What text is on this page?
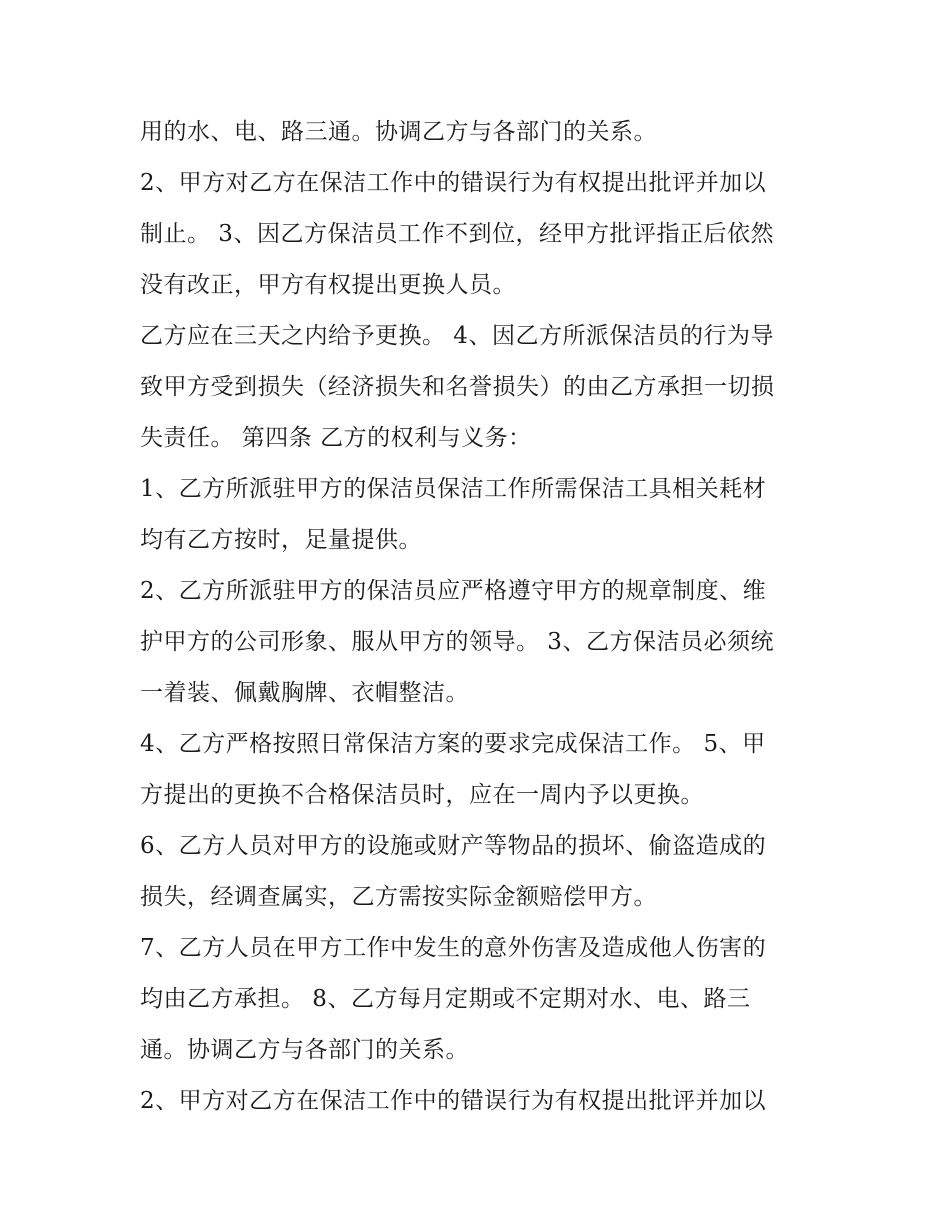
用的水、电、路三通。协调乙方与各部门的关系。
2、甲方对乙方在保洁工作中的错误行为有权提出批评并加以
制止。 3、因乙方保洁员工作不到位，经甲方批评指正后依然
没有改正，甲方有权提出更换人员。
乙方应在三天之内给予更换。 4、因乙方所派保洁员的行为导
致甲方受到损失（经济损失和名誉损失）的由乙方承担一切损
失责任。 第四条 乙方的权利与义务：
1、乙方所派驻甲方的保洁员保洁工作所需保洁工具相关耗材
均有乙方按时，足量提供。
2、乙方所派驻甲方的保洁员应严格遵守甲方的规章制度、维
护甲方的公司形象、服从甲方的领导。 3、乙方保洁员必须统
一着装、佩戴胸牌、衣帽整洁。
4、乙方严格按照日常保洁方案的要求完成保洁工作。 5、甲
方提出的更换不合格保洁员时，应在一周内予以更换。
6、乙方人员对甲方的设施或财产等物品的损坏、偷盗造成的
损失，经调查属实，乙方需按实际金额赔偿甲方。
7、乙方人员在甲方工作中发生的意外伤害及造成他人伤害的
均由乙方承担。 8、乙方每月定期或不定期对水、电、路三
通。协调乙方与各部门的关系。
2、甲方对乙方在保洁工作中的错误行为有权提出批评并加以
